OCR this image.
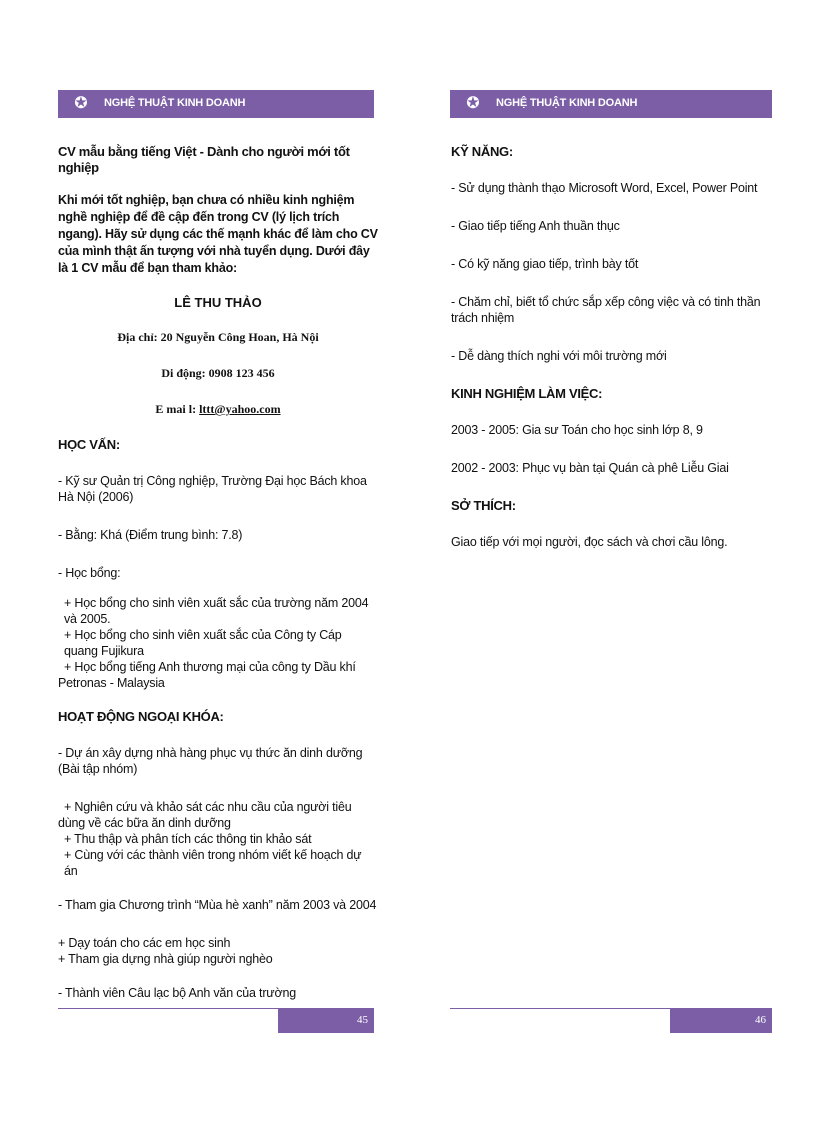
✪ NGHỆ THUẬT KINH DOANH

CV mẫu bằng tiếng Việt - Dành cho người mới tốt nghiệp

Khi mới tốt nghiệp, bạn chưa có nhiều kinh nghiệm nghề nghiệp để đề cập đến trong CV (lý lịch trích ngang). Hãy sử dụng các thế mạnh khác để làm cho CV của mình thật ấn tượng với nhà tuyển dụng. Dưới đây là 1 CV mẫu để bạn tham khảo:

LÊ THU THẢO

Địa chỉ: 20 Nguyễn Công Hoan, Hà Nội

Di động: 0908 123 456

E mai l: lttt@yahoo.com

HỌC VẤN:

- Kỹ sư Quản trị Công nghiệp, Trường Đại học Bách khoa Hà Nội (2006)

- Bằng: Khá (Điểm trung bình: 7.8)

- Học bổng:

+ Học bổng cho sinh viên xuất sắc của trường năm 2004 và 2005.

+ Học bổng cho sinh viên xuất sắc của Công ty Cáp quang Fujikura

+ Học bổng tiếng Anh thương mại của công ty Dầu khí Petronas - Malaysia

HOẠT ĐỘNG NGOẠI KHÓA:

- Dự án xây dựng nhà hàng phục vụ thức ăn dinh dưỡng (Bài tập nhóm)

+ Nghiên cứu và khảo sát các nhu cầu của người tiêu dùng về các bữa ăn dinh dưỡng

+ Thu thập và phân tích các thông tin khảo sát

+ Cùng với các thành viên trong nhóm viết kế hoạch dự án

- Tham gia Chương trình “Mùa hè xanh” năm 2003 và 2004

+ Dạy toán cho các em học sinh

+ Tham gia dựng nhà giúp người nghèo

- Thành viên Câu lạc bộ Anh văn của trường

45
✪ NGHỆ THUẬT KINH DOANH

KỸ NĂNG:

- Sử dụng thành thạo Microsoft Word, Excel, Power Point

- Giao tiếp tiếng Anh thuần thục

- Có kỹ năng giao tiếp, trình bày tốt

- Chăm chỉ, biết tổ chức sắp xếp công việc và có tinh thần trách nhiệm

- Dễ dàng thích nghi với môi trường mới

KINH NGHIỆM LÀM VIỆC:

2003 - 2005: Gia sư Toán cho học sinh lớp 8, 9

2002 - 2003: Phục vụ bàn tại Quán cà phê Liễu Giai

SỞ THÍCH:

Giao tiếp với mọi người, đọc sách và chơi cầu lông.

46
